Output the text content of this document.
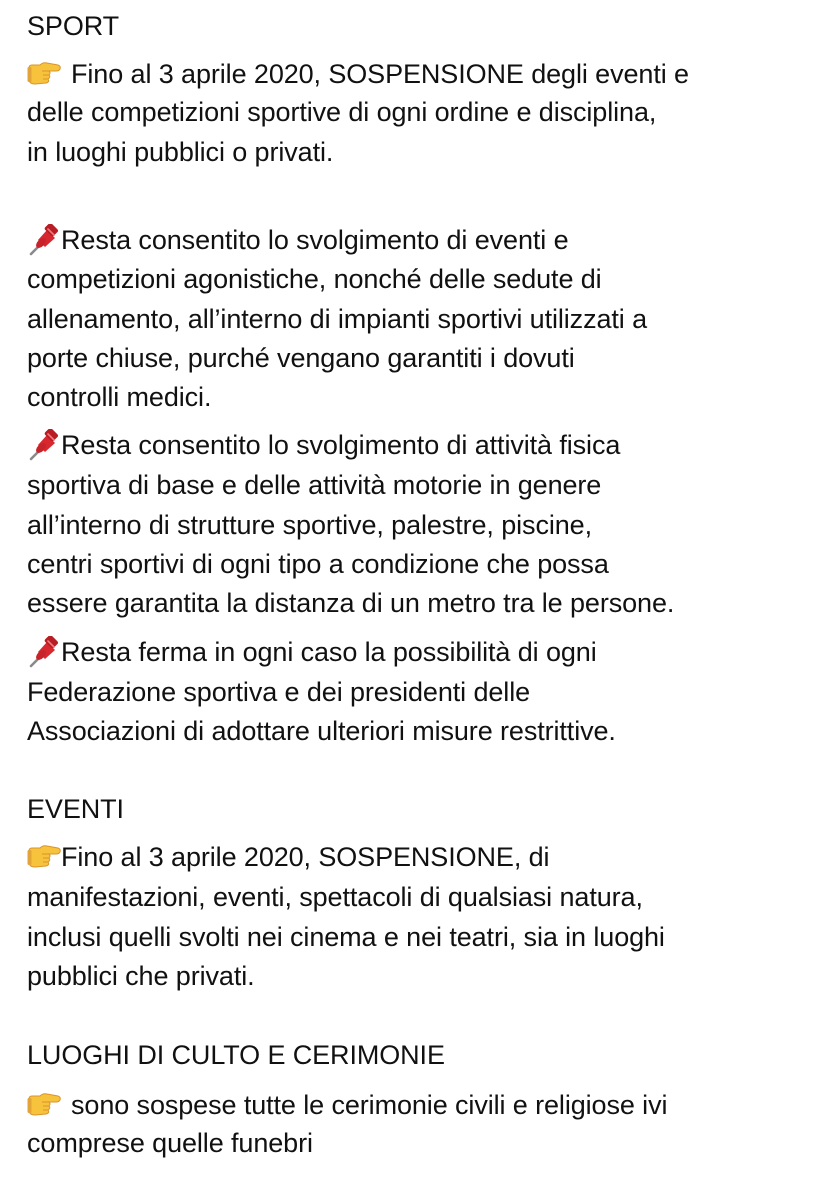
SPORT
Fino al 3 aprile 2020, SOSPENSIONE degli eventi e
delle competizioni sportive di ogni ordine e disciplina,
in luoghi pubblici o privati.
Resta consentito lo svolgimento di eventi e
competizioni agonistiche, nonché delle sedute di
allenamento, all’interno di impianti sportivi utilizzati a
porte chiuse, purché vengano garantiti i dovuti
controlli medici.
Resta consentito lo svolgimento di attività fisica
sportiva di base e delle attività motorie in genere
all’interno di strutture sportive, palestre, piscine,
centri sportivi di ogni tipo a condizione che possa
essere garantita la distanza di un metro tra le persone.
Resta ferma in ogni caso la possibilità di ogni
Federazione sportiva e dei presidenti delle
Associazioni di adottare ulteriori misure restrittive.
EVENTI
Fino al 3 aprile 2020, SOSPENSIONE, di
manifestazioni, eventi, spettacoli di qualsiasi natura,
inclusi quelli svolti nei cinema e nei teatri, sia in luoghi
pubblici che privati.
LUOGHI DI CULTO E CERIMONIE
sono sospese tutte le cerimonie civili e religiose ivi
comprese quelle funebri
